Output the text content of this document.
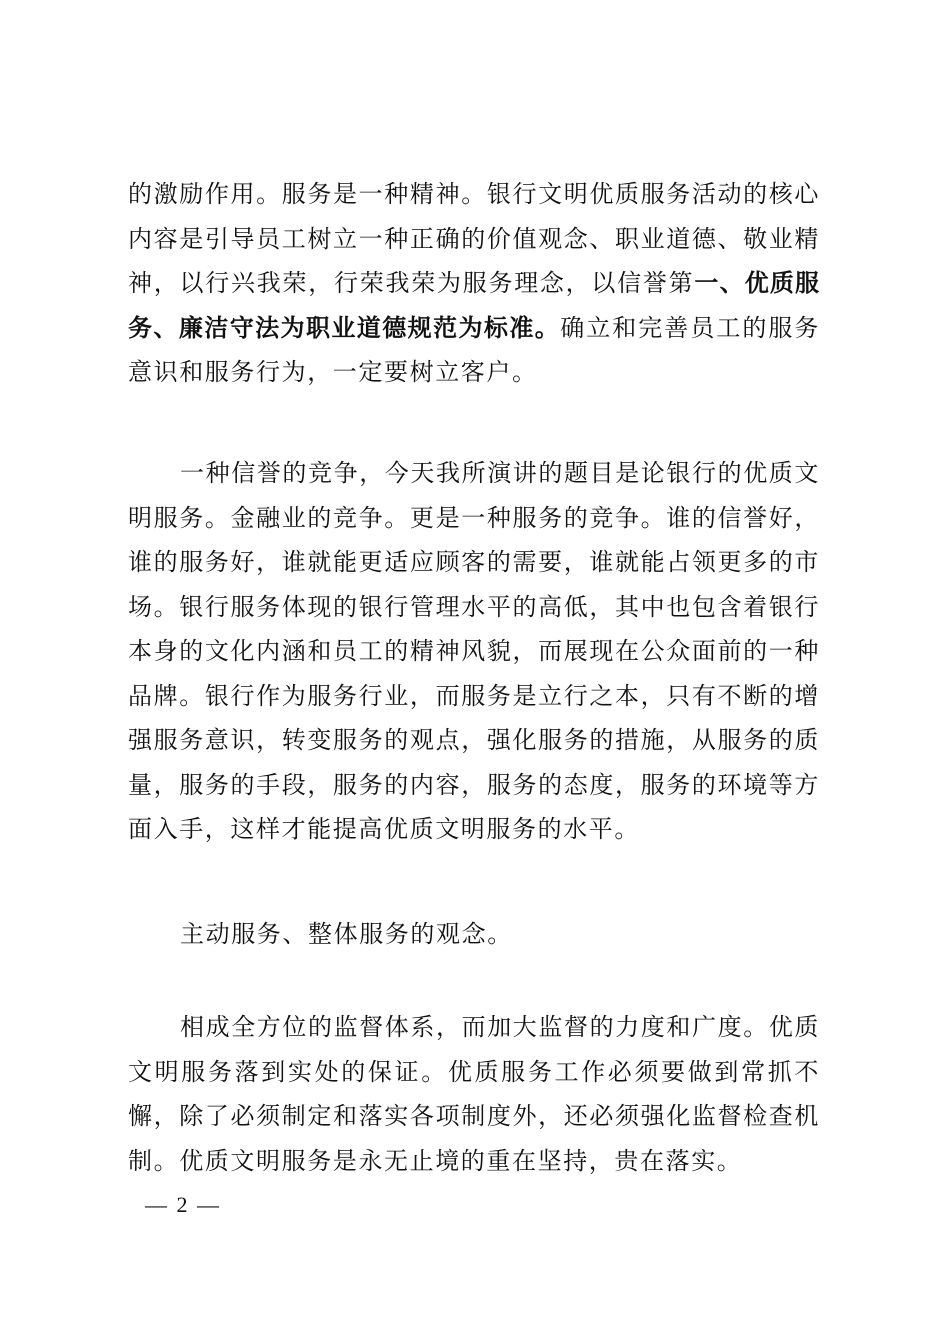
的激励作用。服务是一种精神。银行文明优质服务活动的核心内容是引导员工树立一种正确的价值观念、职业道德、敬业精神，以行兴我荣，行荣我荣为服务理念，以信誉第一、优质服务、廉洁守法为职业道德规范为标准。确立和完善员工的服务意识和服务行为，一定要树立客户。

一种信誉的竞争，今天我所演讲的题目是论银行的优质文明服务。金融业的竞争。更是一种服务的竞争。谁的信誉好，谁的服务好，谁就能更适应顾客的需要，谁就能占领更多的市场。银行服务体现的银行管理水平的高低，其中也包含着银行本身的文化内涵和员工的精神风貌，而展现在公众面前的一种品牌。银行作为服务行业，而服务是立行之本，只有不断的增强服务意识，转变服务的观点，强化服务的措施，从服务的质量，服务的手段，服务的内容，服务的态度，服务的环境等方面入手，这样才能提高优质文明服务的水平。

主动服务、整体服务的观念。

相成全方位的监督体系，而加大监督的力度和广度。优质文明服务落到实处的保证。优质服务工作必须要做到常抓不懈，除了必须制定和落实各项制度外，还必须强化监督检查机制。优质文明服务是永无止境的重在坚持，贵在落实。

— 2 —
